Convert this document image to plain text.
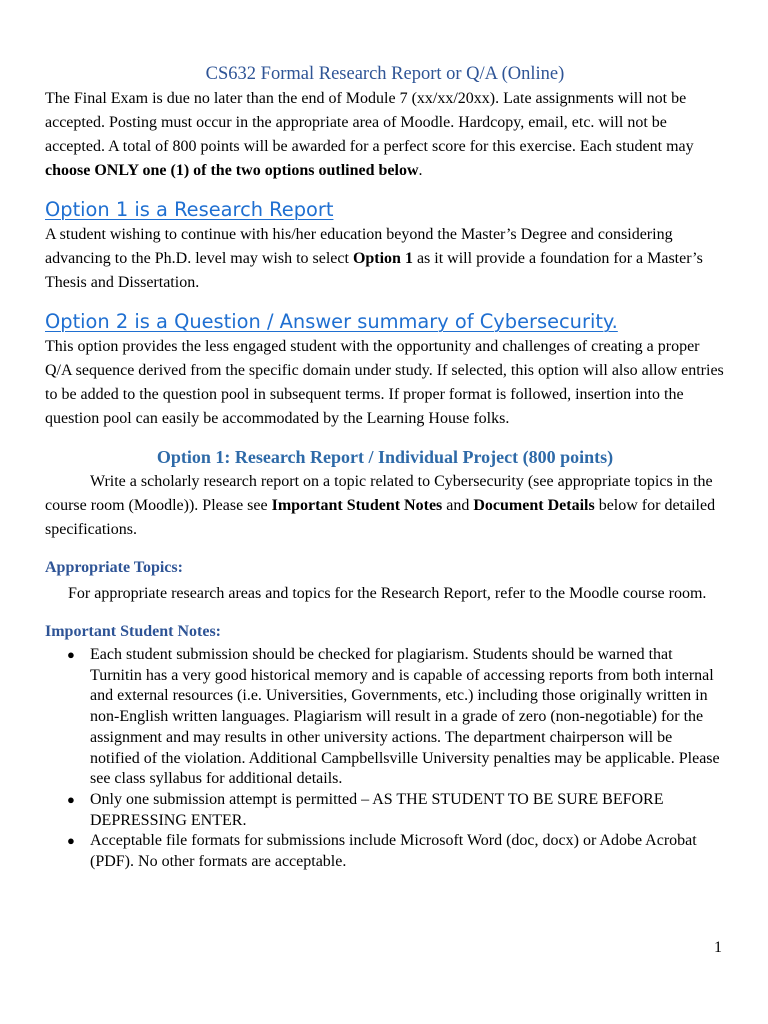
CS632 Formal Research Report or Q/A (Online)

The Final Exam is due no later than the end of Module 7 (xx/xx/20xx). Late assignments will not be accepted. Posting must occur in the appropriate area of Moodle. Hardcopy, email, etc. will not be accepted. A total of 800 points will be awarded for a perfect score for this exercise. Each student may choose ONLY one (1) of the two options outlined below.

Option 1 is a Research Report

A student wishing to continue with his/her education beyond the Master’s Degree and considering advancing to the Ph.D. level may wish to select Option 1 as it will provide a foundation for a Master’s Thesis and Dissertation.

Option 2 is a Question / Answer summary of Cybersecurity.

This option provides the less engaged student with the opportunity and challenges of creating a proper Q/A sequence derived from the specific domain under study. If selected, this option will also allow entries to be added to the question pool in subsequent terms. If proper format is followed, insertion into the question pool can easily be accommodated by the Learning House folks.

Option 1: Research Report / Individual Project (800 points)

Write a scholarly research report on a topic related to Cybersecurity (see appropriate topics in the course room (Moodle)). Please see Important Student Notes and Document Details below for detailed specifications.

Appropriate Topics:

For appropriate research areas and topics for the Research Report, refer to the Moodle course room.

Important Student Notes:
● Each student submission should be checked for plagiarism. Students should be warned that Turnitin has a very good historical memory and is capable of accessing reports from both internal and external resources (i.e. Universities, Governments, etc.) including those originally written in non-English written languages. Plagiarism will result in a grade of zero (non-negotiable) for the assignment and may results in other university actions. The department chairperson will be notified of the violation. Additional Campbellsville University penalties may be applicable. Please see class syllabus for additional details.
● Only one submission attempt is permitted – AS THE STUDENT TO BE SURE BEFORE DEPRESSING ENTER.
● Acceptable file formats for submissions include Microsoft Word (doc, docx) or Adobe Acrobat (PDF). No other formats are acceptable.
1
